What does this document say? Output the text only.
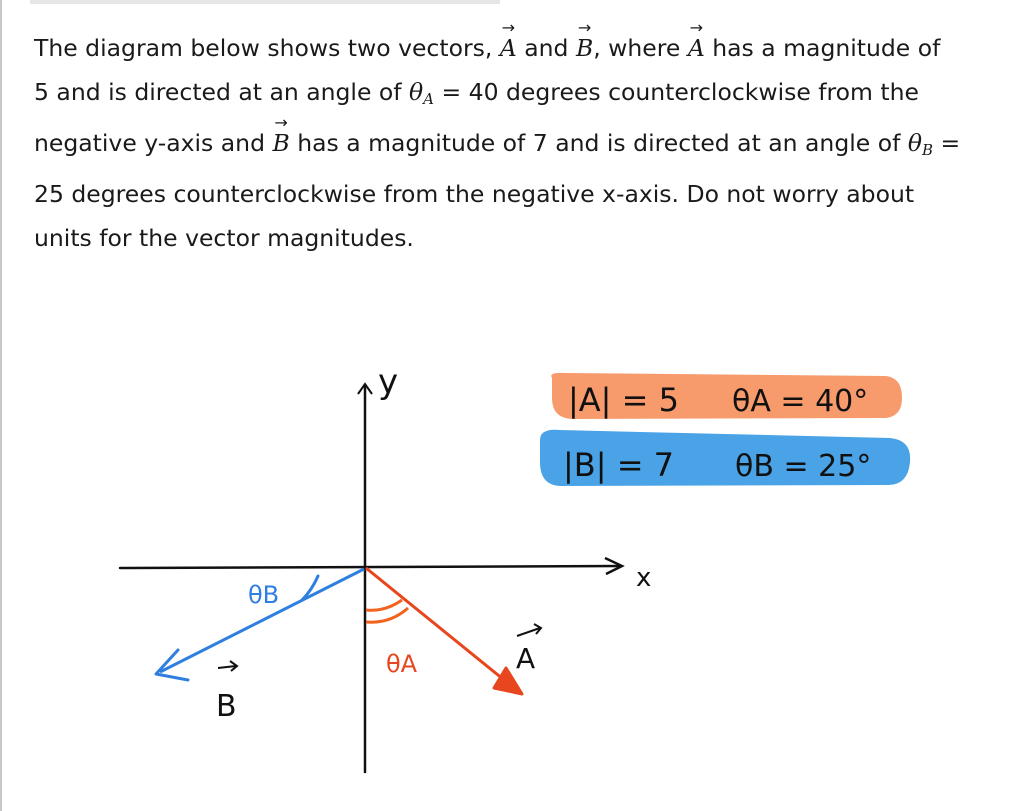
The diagram below shows two vectors, → A and → B, where → A has a magnitude of
5 and is directed at an angle of $\theta_A = 40$ degrees counterclockwise from the
negative y-axis and → B has a magnitude of 7 and is directed at an angle of $\theta_B$ =
25 degrees counterclockwise from the negative x-axis. Do not worry about
units for the vector magnitudes.
|A| = 5 θA = 40°
|B| = 7 θB = 25°
y
x
A
θA
B
θB
